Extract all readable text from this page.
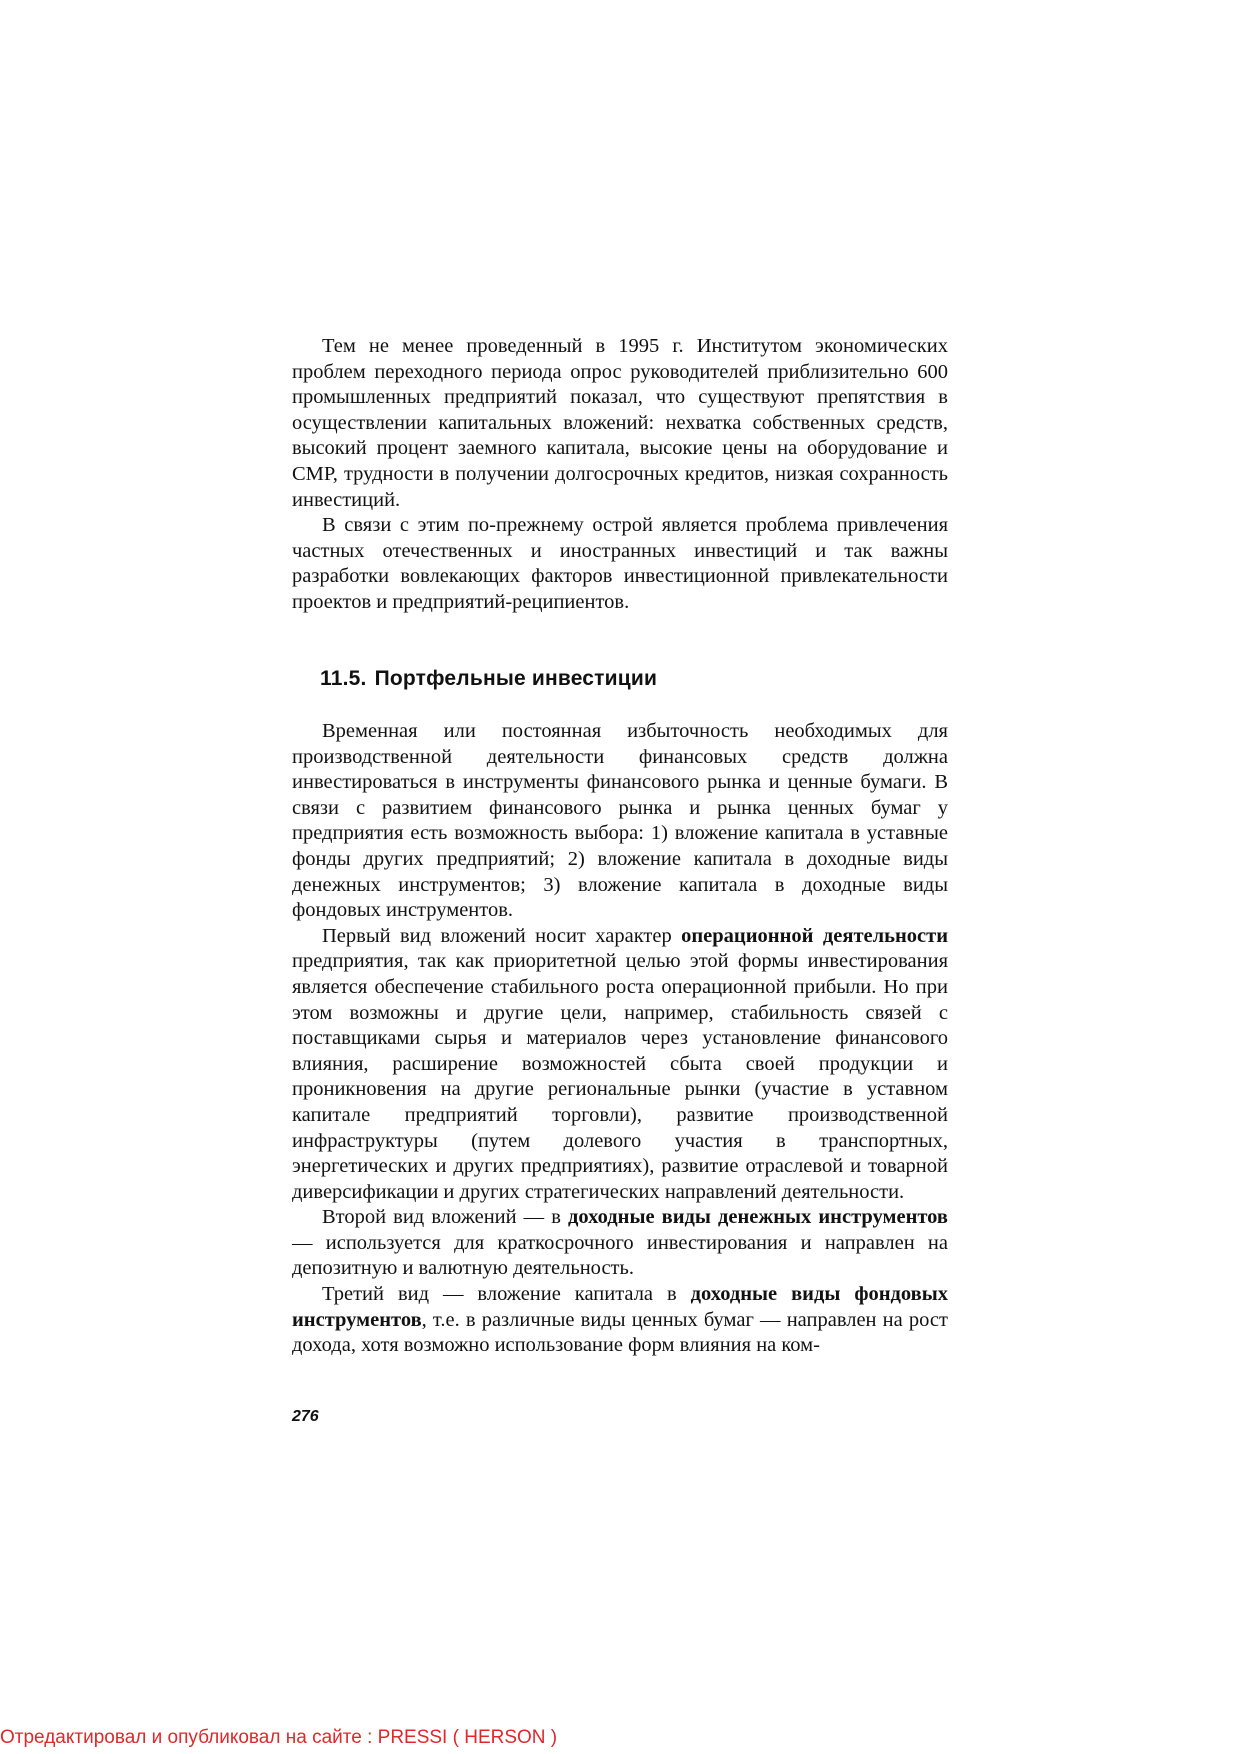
Тем не менее проведенный в 1995 г. Институтом экономических проблем переходного периода опрос руководителей приблизительно 600 промышленных предприятий показал, что существуют препятствия в осуществлении капитальных вложений: нехватка собственных средств, высокий процент заемного капитала, высокие цены на оборудование и СМР, трудности в получении долгосрочных кредитов, низкая сохранность инвестиций.

В связи с этим по-прежнему острой является проблема привлечения частных отечественных и иностранных инвестиций и так важны разработки вовлекающих факторов инвестиционной привлекательности проектов и предприятий-реципиентов.

11.5. Портфельные инвестиции

Временная или постоянная избыточность необходимых для производственной деятельности финансовых средств должна инвестироваться в инструменты финансового рынка и ценные бумаги. В связи с развитием финансового рынка и рынка ценных бумаг у предприятия есть возможность выбора: 1) вложение капитала в уставные фонды других предприятий; 2) вложение капитала в доходные виды денежных инструментов; 3) вложение капитала в доходные виды фондовых инструментов.

Первый вид вложений носит характер операционной деятельности предприятия, так как приоритетной целью этой формы инвестирования является обеспечение стабильного роста операционной прибыли. Но при этом возможны и другие цели, например, стабильность связей с поставщиками сырья и материалов через установление финансового влияния, расширение возможностей сбыта своей продукции и проникновения на другие региональные рынки (участие в уставном капитале предприятий торговли), развитие производственной инфраструктуры (путем долевого участия в транспортных, энергетических и других предприятиях), развитие отраслевой и товарной диверсификации и других стратегических направлений деятельности.

Второй вид вложений — в доходные виды денежных инструментов — используется для краткосрочного инвестирования и направлен на депозитную и валютную деятельность.

Третий вид — вложение капитала в доходные виды фондовых инструментов, т.е. в различные виды ценных бумаг — направлен на рост дохода, хотя возможно использование форм влияния на ком-

276
Отредактировал и опубликовал на сайте : PRESSI ( HERSON )
